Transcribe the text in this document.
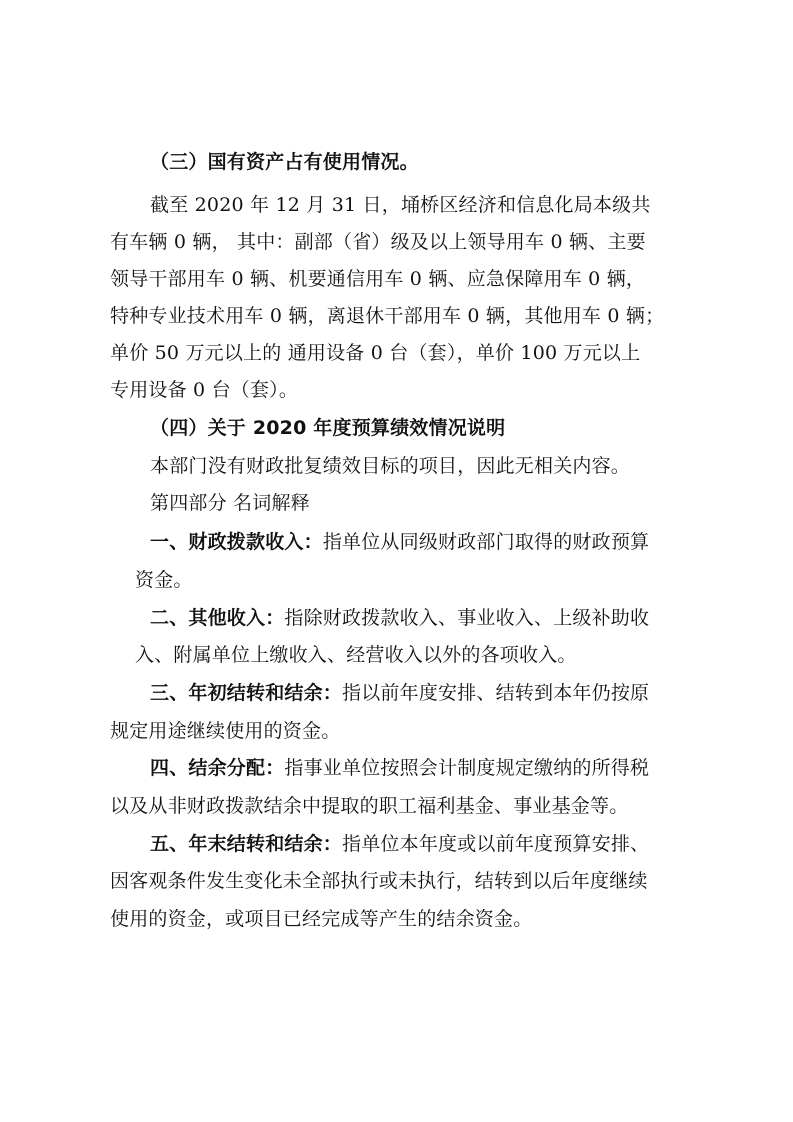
（三）国有资产占有使用情况。
截至 2020 年 12 月 31 日，埇桥区经济和信息化局本级共
有车辆 0 辆， 其中：副部（省）级及以上领导用车 0 辆、主要
领导干部用车 0 辆、机要通信用车 0 辆、应急保障用车 0 辆，
特种专业技术用车 0 辆，离退休干部用车 0 辆，其他用车 0 辆；
单价 50 万元以上的 通用设备 0 台（套），单价 100 万元以上
专用设备 0 台（套）。
（四）关于 2020 年度预算绩效情况说明
本部门没有财政批复绩效目标的项目，因此无相关内容。
第四部分 名词解释
一、财政拨款收入：指单位从同级财政部门取得的财政预算
资金。
二、其他收入：指除财政拨款收入、事业收入、上级补助收
入、附属单位上缴收入、经营收入以外的各项收入。
三、年初结转和结余：指以前年度安排、结转到本年仍按原
规定用途继续使用的资金。
四、结余分配：指事业单位按照会计制度规定缴纳的所得税
以及从非财政拨款结余中提取的职工福利基金、事业基金等。
五、年末结转和结余：指单位本年度或以前年度预算安排、
因客观条件发生变化未全部执行或未执行，结转到以后年度继续
使用的资金，或项目已经完成等产生的结余资金。
